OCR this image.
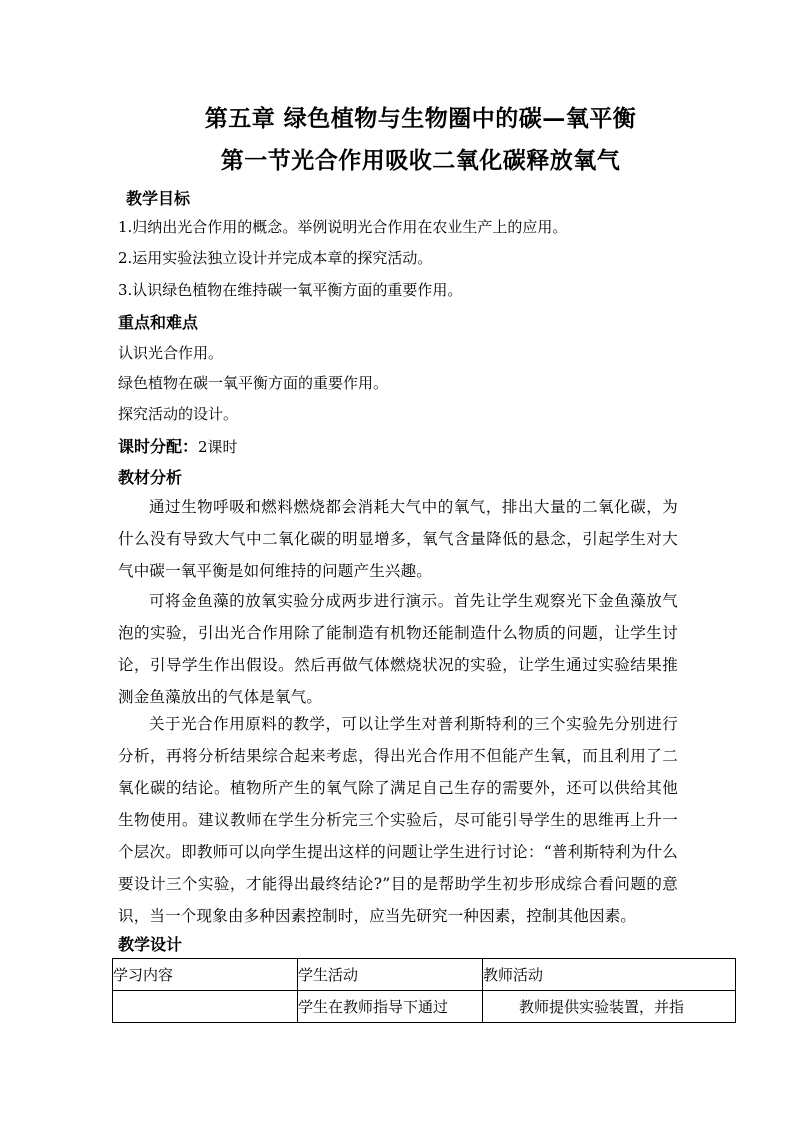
第五章 绿色植物与生物圈中的碳—氧平衡
第一节光合作用吸收二氧化碳释放氧气
教学目标
1.归纳出光合作用的概念。举例说明光合作用在农业生产上的应用。
2.运用实验法独立设计并完成本章的探究活动。
3.认识绿色植物在维持碳一氧平衡方面的重要作用。
重点和难点
认识光合作用。
绿色植物在碳一氧平衡方面的重要作用。
探究活动的设计。
课时分配：2课时
教材分析
通过生物呼吸和燃料燃烧都会消耗大气中的氧气，排出大量的二氧化碳，为什么没有导致大气中二氧化碳的明显增多，氧气含量降低的悬念，引起学生对大气中碳一氧平衡是如何维持的问题产生兴趣。
可将金鱼藻的放氧实验分成两步进行演示。首先让学生观察光下金鱼藻放气泡的实验，引出光合作用除了能制造有机物还能制造什么物质的问题，让学生讨论，引导学生作出假设。然后再做气体燃烧状况的实验，让学生通过实验结果推测金鱼藻放出的气体是氧气。
关于光合作用原料的教学，可以让学生对普利斯特利的三个实验先分别进行分析，再将分析结果综合起来考虑，得出光合作用不但能产生氧，而且利用了二氧化碳的结论。植物所产生的氧气除了满足自己生存的需要外，还可以供给其他生物使用。建议教师在学生分析完三个实验后，尽可能引导学生的思维再上升一个层次。即教师可以向学生提出这样的问题让学生进行讨论：“普利斯特利为什么要设计三个实验，才能得出最终结论?”目的是帮助学生初步形成综合看问题的意识，当一个现象由多种因素控制时，应当先研究一种因素，控制其他因素。
教学设计
学习内容	学生活动	教师活动
	学生在教师指导下通过	教师提供实验装置，并指
